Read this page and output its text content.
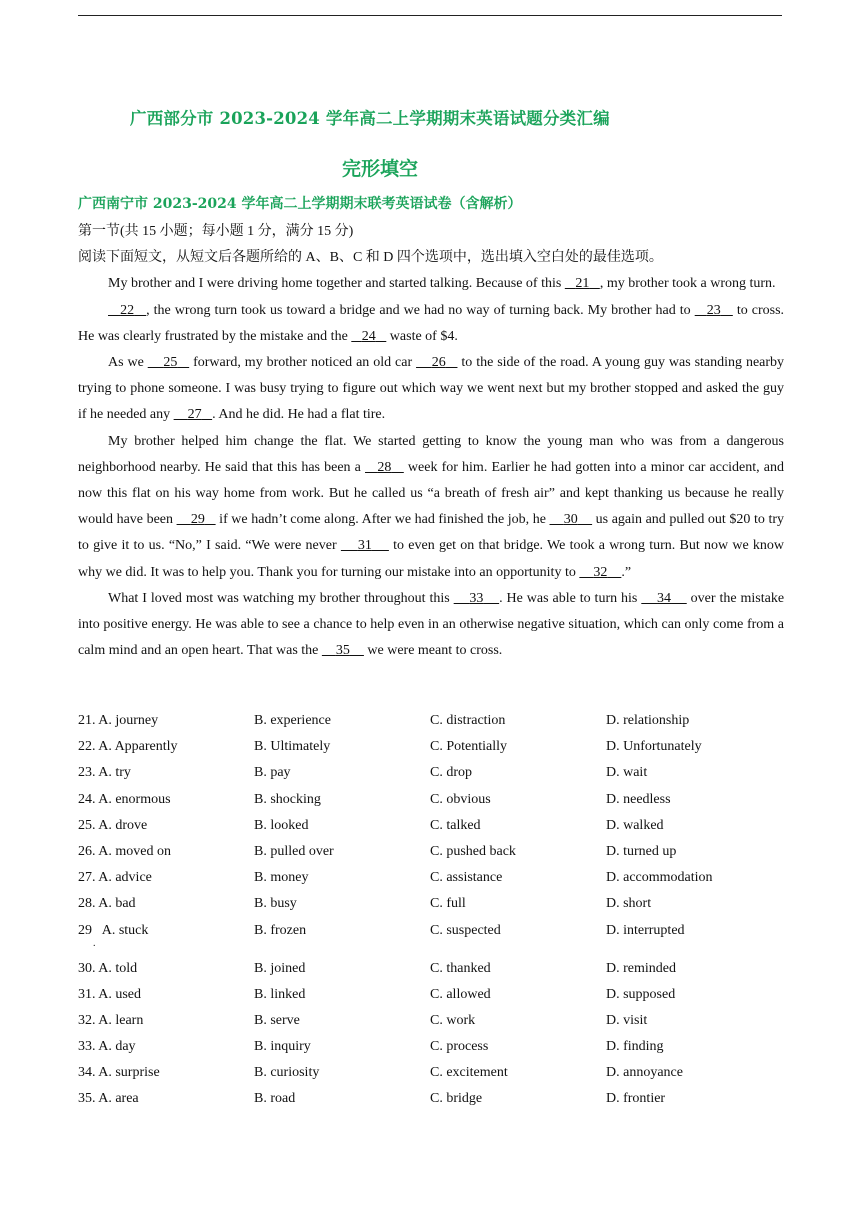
广西部分市 2023-2024 学年高二上学期期末英语试题分类汇编
完形填空
广西南宁市 2023-2024 学年高二上学期期末联考英语试卷（含解析）

第一节(共 15 小题；每小题 1 分，满分 15 分)

阅读下面短文，从短文后各题所给的 A、B、C 和 D 四个选项中，选出填入空白处的最佳选项。

My brother and I were driving home together and started talking. Because of this    21 , my brother took a wrong turn.

22 , the wrong turn took us toward a bridge and we had no way of turning back. My brother had to    23    to cross. He was clearly frustrated by the mistake and the    24    waste of $4.

As we     25    forward, my brother noticed an old car     26    to the side of the road. A young guy was standing nearby trying to phone someone. I was busy trying to figure out which way we went next but my brother stopped and asked the guy if he needed any     27 . And he did. He had a flat tire.

My brother helped him change the flat. We started getting to know the young man who was from a dangerous neighborhood nearby. He said that this has been a    28    week for him. Earlier he had gotten into a minor car accident, and now this flat on his way home from work. But he called us “a breath of fresh air” and kept thanking us because he really would have been     29    if we hadn’t come along. After we had finished the job, he     30     us again and pulled out $20 to try to give it to us. “No,” I said. “We were never     31     to even get on that bridge. We took a wrong turn. But now we know why we did. It was to help you. Thank you for turning our mistake into an opportunity to     32 .”

What I loved most was watching my brother throughout this     33 . He was able to turn his     34     over the mistake into positive energy. He was able to see a chance to help even in an otherwise negative situation, which can only come from a calm mind and an open heart. That was the     35     we were meant to cross.

21. A. journey	B. experience	C. distraction	D. relationship
22. A. Apparently	B. Ultimately	C. Potentially	D. Unfortunately
23. A. try	B. pay	C. drop	D. wait
24. A. enormous	B. shocking	C. obvious	D. needless
25. A. drove	B. looked	C. talked	D. walked
26. A. moved on	B. pulled over	C. pushed back	D. turned up
27. A. advice	B. money	C. assistance	D. accommodation
28. A. bad	B. busy	C. full	D. short
29   A. stuck	B. frozen	C. suspected	D. interrupted
30. A. told	B. joined	C. thanked	D. reminded
31. A. used	B. linked	C. allowed	D. supposed
32. A. learn	B. serve	C. work	D. visit
33. A. day	B. inquiry	C. process	D. finding
34. A. surprise	B. curiosity	C. excitement	D. annoyance
35. A. area	B. road	C. bridge	D. frontier
.
